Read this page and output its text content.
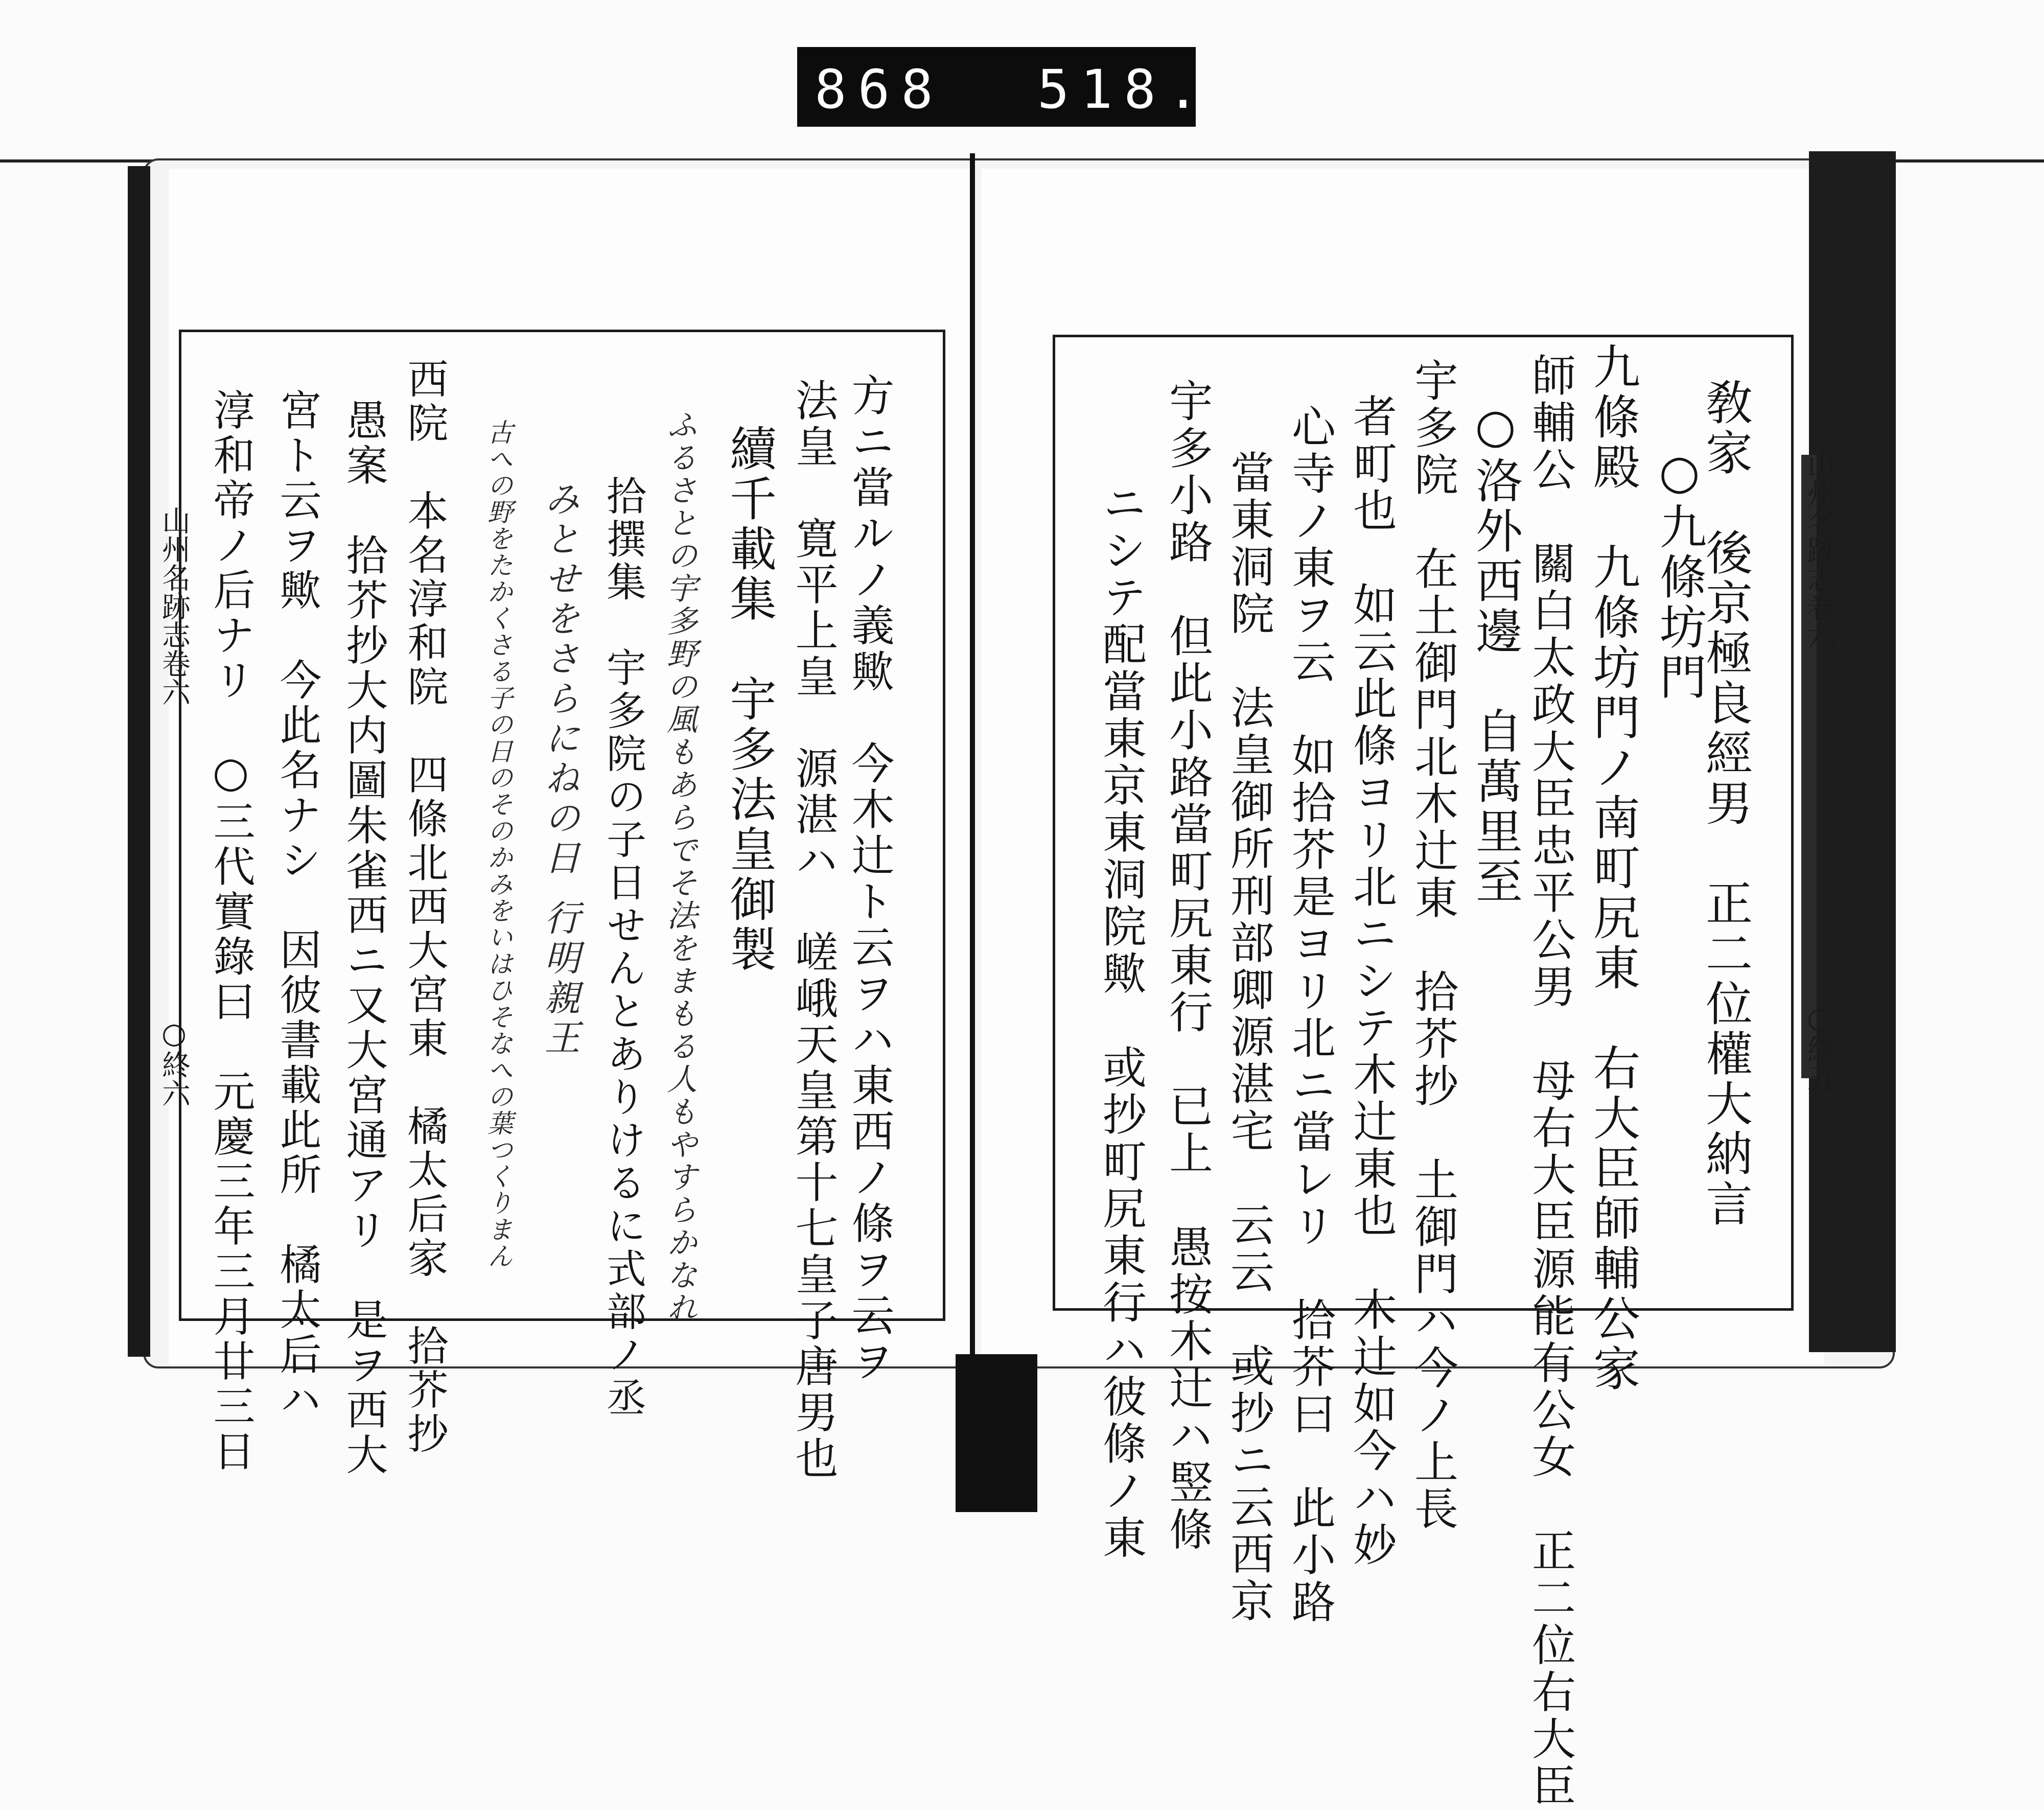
868 518.
山州名跡志卷六
○終五
山州名跡志卷六
○終六	敎家　後京極良經男　正二位權大納言
○九條坊門
九條殿　九條坊門ノ南町尻東　右大臣師輔公家
師輔公　關白太政大臣忠平公男　母右大臣源能有公女　正二位右大臣
○洛外西邊　自萬里至
宇多院　在土御門北木辻東　拾芥抄　土御門ハ今ノ上長
者町也　如云此條ヨリ北ニシテ木辻東也　木辻如今ハ妙
心寺ノ東ヲ云　如拾芥是ヨリ北ニ當レリ　拾芥曰　此小路
當東洞院　法皇御所刑部卿源湛宅　云云　或抄ニ云西京
宇多小路　但此小路當町尻東行　已上　愚按木辻ハ竪條
ニシテ配當東京東洞院歟　或抄町尻東行ハ彼條ノ東
方ニ當ルノ義歟　今木辻ト云ヲハ東西ノ條ヲ云ヲ
法皇　寛平上皇　源湛ハ　嵯峨天皇第十七皇子唐男也
續千載集　宇多法皇御製
ふるさとの宇多野の風もあらでそ法をまもる人もやすらかなれ
拾撰集　宇多院の子日せんとありけるに式部ノ丞
みとせをさらにねの日
行明親王
古への野をたかくさる子の日のそのかみをいはひそなへの葉つくりまん
西院　本名淳和院　四條北西大宮東　橘太后家　拾芥抄
愚案　拾芥抄大内圖朱雀西ニ又大宮通アリ　是ヲ西大
宮ト云ヲ歟　今此名ナシ　因彼書載此所　橘太后ハ
淳和帝ノ后ナリ　○三代實錄曰　元慶三年三月廿三日
